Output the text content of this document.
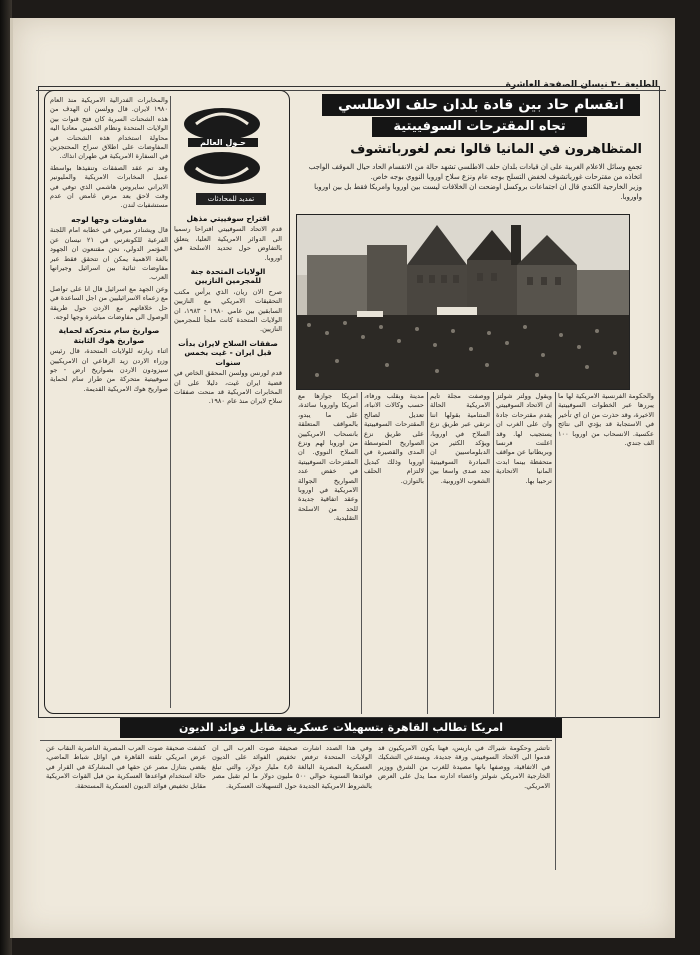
الطليعة ٣٠ نيسان الصفحة العاشرة
انقسام حاد بين قادة بلدان حلف الاطلسي
تجاه المقترحات السوفييتية
المتظاهرون في المانيا قالوا نعم لغورباتشوف
تجمع وسائل الاعلام الغربية على ان قيادات بلدان حلف الاطلسي تشهد حالة من الانقسام الحاد حيال الموقف الواجب اتخاذه من مقترحات غورباتشوف لخفض التسلح بوجه عام ونزع سلاح اوروبا النووي بوجه خاص.
وزير الخارجية الكندي قال ان اجتماعات بروكسل اوضحت ان الخلافات ليست بين اوروبا وامريكا فقط بل بين اوروبا واوروبا.
حـول العالم
تمديد للمحادثات

والمخابرات الفدرالية الامريكية منذ العام ١٩٨٠ لايران. قال وولسن ان الهدف من هذه الشحنات السرية كان فتح قنوات بين الولايات المتحدة ونظام الخميني معاديا اليه محاولة استخدام هذه الشحنات في المفاوضات على اطلاق سراح المحتجزين في السفارة الامريكية في طهران انذاك.

وقد تم عقد الصفقات وتنفيذها بواسطة عميل المخابرات الامريكية والمليونير الايراني سايروس هاشمي الذي توفي في وقت لاحق بعد مرض غامض ان عدم مستشفيات لندن.

مفاوضات وجها لوجه

قال ويشنادر ميرفي في خطابه امام اللجنة الفرعية للكونغرس في ٢١ نيسان عن المؤتمر الدولي، نحن مقتنعون ان الجهود بالغة الاهمية يمكن ان تتحقق فقط عبر مفاوضات ثنائية بين اسرائيل وجيرانها العرب.

وعن الجهد مع اسرائيل قال انا على تواصل مع زعماء الاسرائيليين من اجل الساعدة في حل خلافاتهم مع الاردن حول طريقة الوصول الى مفاوضات مباشرة وجها لوجه.

صواريخ سام متحركة لحماية صواريخ هوك الثابتة

اثناء زيارته للولايات المتحدة، قال رئيس وزراء الاردن زيد الرفاعي ان الامريكيين سيزودون الاردن بصواريخ ارض - جو سوفييتية متحركة من طراز سام لحماية صواريخ هوك الامريكية القديمة.

اقتراح سوفييتي مذهل

قدم الاتحاد السوفييتي اقتراحا رسميا الى الدوائر الامريكية العليا، يتعلق بالتفاوض حول تحديد الاسلحة في اوروبا.

الولايات المتحدة جنة للمجرمين النازيين

صرح الان ريان، الذي يرأس مكتب التحقيقات الامريكي مع النازيين السابقين بين عامي ١٩٨٠ - ١٩٨٣، ان الولايات المتحدة كانت ملجأ للمجرمين النازيين.

صفقات السلاح لايران بدأت قبل ايران - غيت بخمس سنوات

قدم لورنس وولسن المحقق الخاص في قضية ايران غيت، دليلا على ان المخابرات الامريكية قد منحت صفقات سلاح لايران منذ عام ١٩٨٠.

امريكا جوازها مع امريكا واوروبا سائدة، على ما يبدو، بالمواقف المتعلقة بانسحاب الامريكيين من اوروبا لهم ونزع السلاح النووي. ان المقترحات السوفييتية في خفض عدد الصواريخ الجوالة الامريكية في اوروبا وعقد اتفاقية جديدة للحد من الاسلحة التقليدية.
مدينة وبقلب ورفاء، حسب وكالات الانباء، تعديل لصالح المقترحات السوفييتية على طريق نزع الصواريخ المتوسطة المدى والقصيرة في اوروبا وذلك كبديل لالتزام الحلف بالتوازن.
ووصفت مجلة تايم الامريكية الحالة المتنامية بقولها اننا نرتقي عبر طريق نزع السلاح في اوروبا، ويؤكد الكثير من الدبلوماسيين ان المبادرة السوفييتية تجد صدى واسعا بين الشعوب الاوروبية.
ويقول وولتر شولتز ان الاتحاد السوفييتي يقدم مقترحات جادة وان على الغرب ان يستجيب لها. وقد اعلنت فرنسا وبريطانيا عن مواقف متحفظة بينما ابدت المانيا الاتحادية ترحيبا بها.
والحكومة الفرنسية الامريكية لها ما يبررها عبر الخطوات السوفييتية الاخيرة، وقد حذرت من ان اي تأخير في الاستجابة قد يؤدي الى نتائج عكسية. الانسحاب من اوروبا ١٠٠ الف جندي.
امريكا تطالب القاهرة بتسهيلات عسكرية مقابل فوائد الديون
كشفت صحيفة صوت العرب المصرية الناصرية النقاب عن عرض امريكي تلقته القاهرة في اوائل شباط الماضي، يقضي بتنازل مصر عن حقها في المشاركة في القرار في حالة استخدام قواعدها العسكرية من قبل القوات الامريكية مقابل تخفيض فوائد الديون العسكرية المستحقة.
وفي هذا الصدد اشارت صحيفة صوت العرب الى ان الولايات المتحدة ترفض تخفيض الفوائد على الديون العسكرية المصرية البالغة ٤٫٥ مليار دولار، والتي تبلغ فوائدها السنوية حوالي ٥٠٠ مليون دولار ما لم تقبل مصر بالشروط الامريكية الجديدة حول التسهيلات العسكرية.
تاتشر وحكومة شيراك في باريس، فهنا يكون الامريكيون قد قدموا الى الاتحاد السوفييتي ورقة جديدة. ويستدعي التشكيك في الاتفاقية، ووصفها بانها مصيدة للغرب من الشرق ووزير الخارجية الامريكي شولتز واعضاء ادارته مما يدل على العرض الامريكي.
